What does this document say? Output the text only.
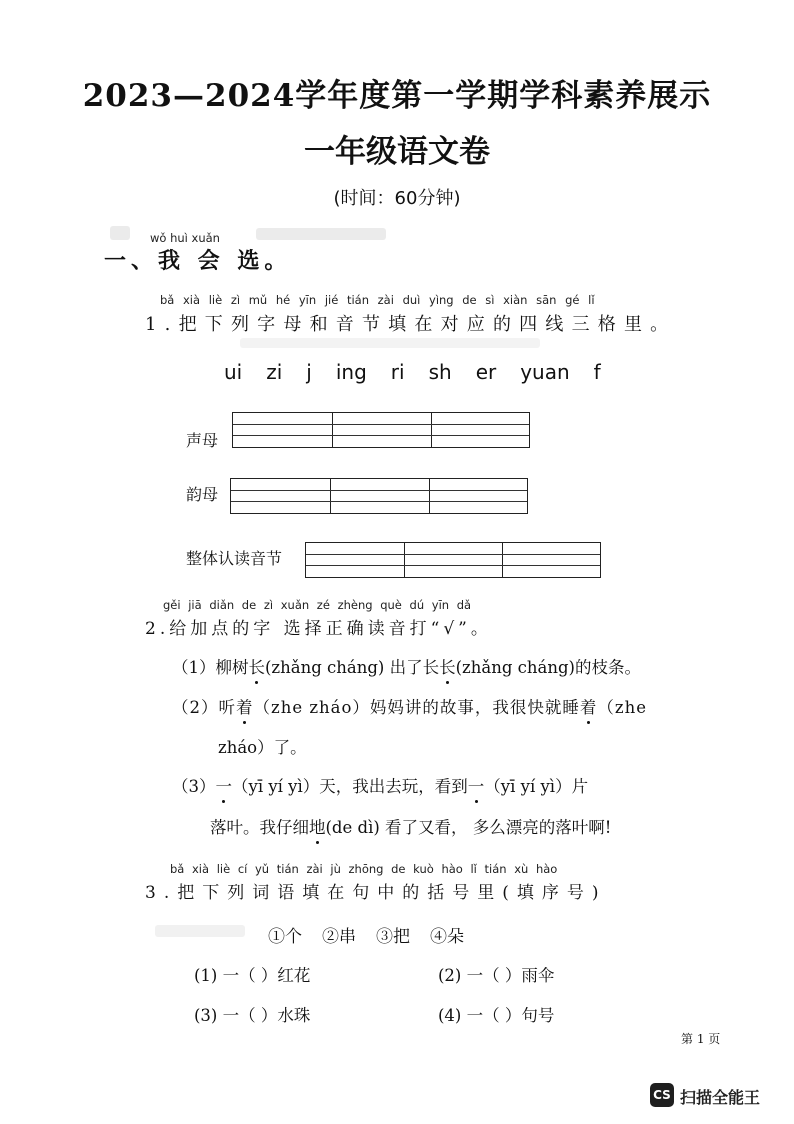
2023—2024学年度第一学期学科素养展示
一年级语文卷
(时间：60分钟)
wǒ huì xuǎn
一、我 会 选。
bǎ xià liè zì mǔ hé yīn jié tián zài duì yìng de sì xiàn sān gé lǐ
1.把下列字母和音节填在对应的四线三格里。
ui zi j ing ri sh er yuan f
声母
韵母
整体认读音节
gěi jiā diǎn de zì xuǎn zé zhèng què dú yīn dǎ
2.给加点的字 选择正确读音打“√”。
（1）柳树长(zhǎng cháng) 出了长长(zhǎng cháng)的枝条。
（2）听着（zhe zháo）妈妈讲的故事，我很快就睡着（zhe
zháo）了。
（3）一（yī yí yì）天，我出去玩，看到一（yī yí yì）片
落叶。我仔细地(de dì) 看了又看， 多么漂亮的落叶啊!
bǎ xià liè cí yǔ tián zài jù zhōng de kuò hào lǐ tián xù hào
3.把下列词语填在句中的括号里(填序号)
①个 ②串 ③把 ④朵
(1) 一（ ）红花	(2) 一（ ）雨伞
(3) 一（ ）水珠	(4) 一（ ）句号
第 1 页
CS 扫描全能王
